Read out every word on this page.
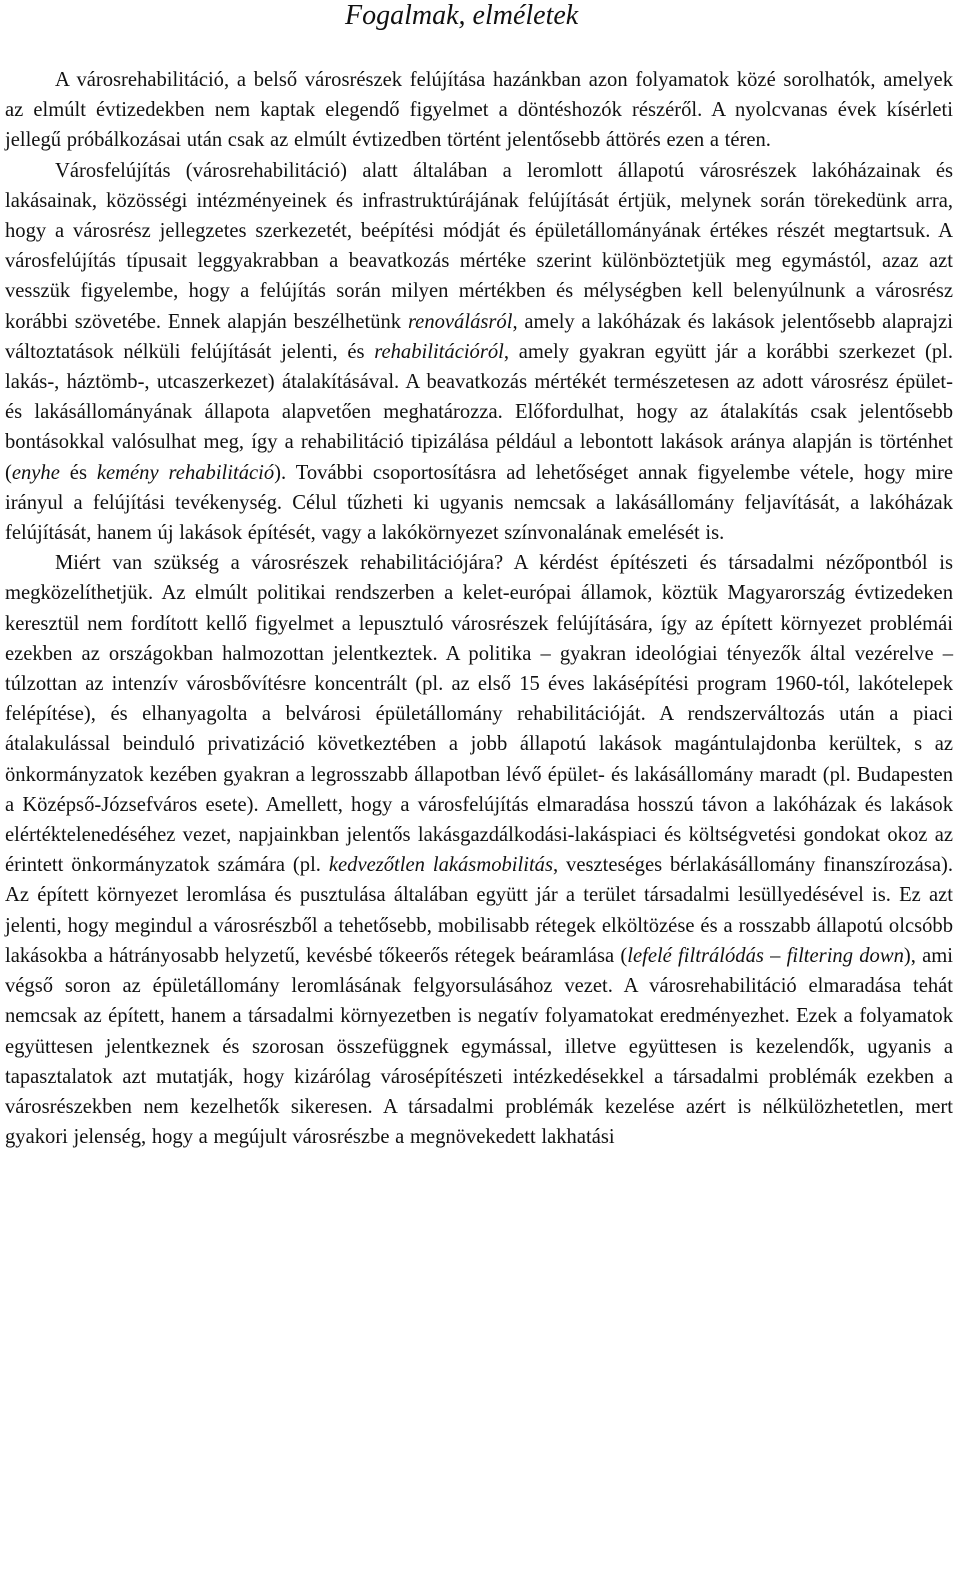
Fogalmak, elméletek

A városrehabilitáció, a belső városrészek felújítása hazánkban azon folyamatok közé sorolhatók, amelyek az elmúlt évtizedekben nem kaptak elegendő figyelmet a döntéshozók részéről. A nyolcvanas évek kísérleti jellegű próbálkozásai után csak az elmúlt évtizedben történt jelentősebb áttörés ezen a téren.

Városfelújítás (városrehabilitáció) alatt általában a leromlott állapotú városrészek lakóházainak és lakásainak, közösségi intézményeinek és infrastruktúrájának felújítását értjük, melynek során törekedünk arra, hogy a városrész jellegzetes szerkezetét, beépítési módját és épületállományának értékes részét megtartsuk. A városfelújítás típusait leggyakrabban a beavatkozás mértéke szerint különböztetjük meg egymástól, azaz azt vesszük figyelembe, hogy a felújítás során milyen mértékben és mélységben kell belenyúlnunk a városrész korábbi szövetébe. Ennek alapján beszélhetünk renoválásról, amely a lakóházak és lakások jelentősebb alaprajzi változtatások nélküli felújítását jelenti, és rehabilitációról, amely gyakran együtt jár a korábbi szerkezet (pl. lakás-, háztömb-, utcaszerkezet) átalakításával. A beavatkozás mértékét természetesen az adott városrész épület- és lakásállományának állapota alapvetően meghatározza. Előfordulhat, hogy az átalakítás csak jelentősebb bontásokkal valósulhat meg, így a rehabilitáció tipizálása például a lebontott lakások aránya alapján is történhet (enyhe és kemény rehabilitáció). További csoportosításra ad lehetőséget annak figyelembe vétele, hogy mire irányul a felújítási tevékenység. Célul tűzheti ki ugyanis nemcsak a lakásállomány feljavítását, a lakóházak felújítását, hanem új lakások építését, vagy a lakókörnyezet színvonalának emelését is.

Miért van szükség a városrészek rehabilitációjára? A kérdést építészeti és társadalmi nézőpontból is megközelíthetjük. Az elmúlt politikai rendszerben a kelet-európai államok, köztük Magyarország évtizedeken keresztül nem fordított kellő figyelmet a lepusztuló városrészek felújítására, így az épített környezet problémái ezekben az országokban halmozottan jelentkeztek. A politika – gyakran ideológiai tényezők által vezérelve – túlzottan az intenzív városbővítésre koncentrált (pl. az első 15 éves lakásépítési program 1960-tól, lakótelepek felépítése), és elhanyagolta a belvárosi épületállomány rehabilitációját. A rendszerváltozás után a piaci átalakulással beinduló privatizáció következtében a jobb állapotú lakások magántulajdonba kerültek, s az önkormányzatok kezében gyakran a legrosszabb állapotban lévő épület- és lakásállomány maradt (pl. Budapesten a Középső-Józsefváros esete). Amellett, hogy a városfelújítás elmaradása hosszú távon a lakóházak és lakások elértéktelenedéséhez vezet, napjainkban jelentős lakásgazdálkodási-lakáspiaci és költségvetési gondokat okoz az érintett önkormányzatok számára (pl. kedvezőtlen lakásmobilitás, veszteséges bérlakásállomány finanszírozása). Az épített környezet leromlása és pusztulása általában együtt jár a terület társadalmi lesüllyedésével is. Ez azt jelenti, hogy megindul a városrészből a tehetősebb, mobilisabb rétegek elköltözése és a rosszabb állapotú olcsóbb lakásokba a hátrányosabb helyzetű, kevésbé tőkeerős rétegek beáramlása (lefelé filtrálódás – filtering down), ami végső soron az épületállomány leromlásának felgyorsulásához vezet. A városrehabilitáció elmaradása tehát nemcsak az épített, hanem a társadalmi környezetben is negatív folyamatokat eredményezhet. Ezek a folyamatok együttesen jelentkeznek és szorosan összefüggnek egymással, illetve együttesen is kezelendők, ugyanis a tapasztalatok azt mutatják, hogy kizárólag városépítészeti intézkedésekkel a társadalmi problémák ezekben a városrészekben nem kezelhetők sikeresen. A társadalmi problémák kezelése azért is nélkülözhetetlen, mert gyakori jelenség, hogy a megújult városrészbe a megnövekedett lakhatási
